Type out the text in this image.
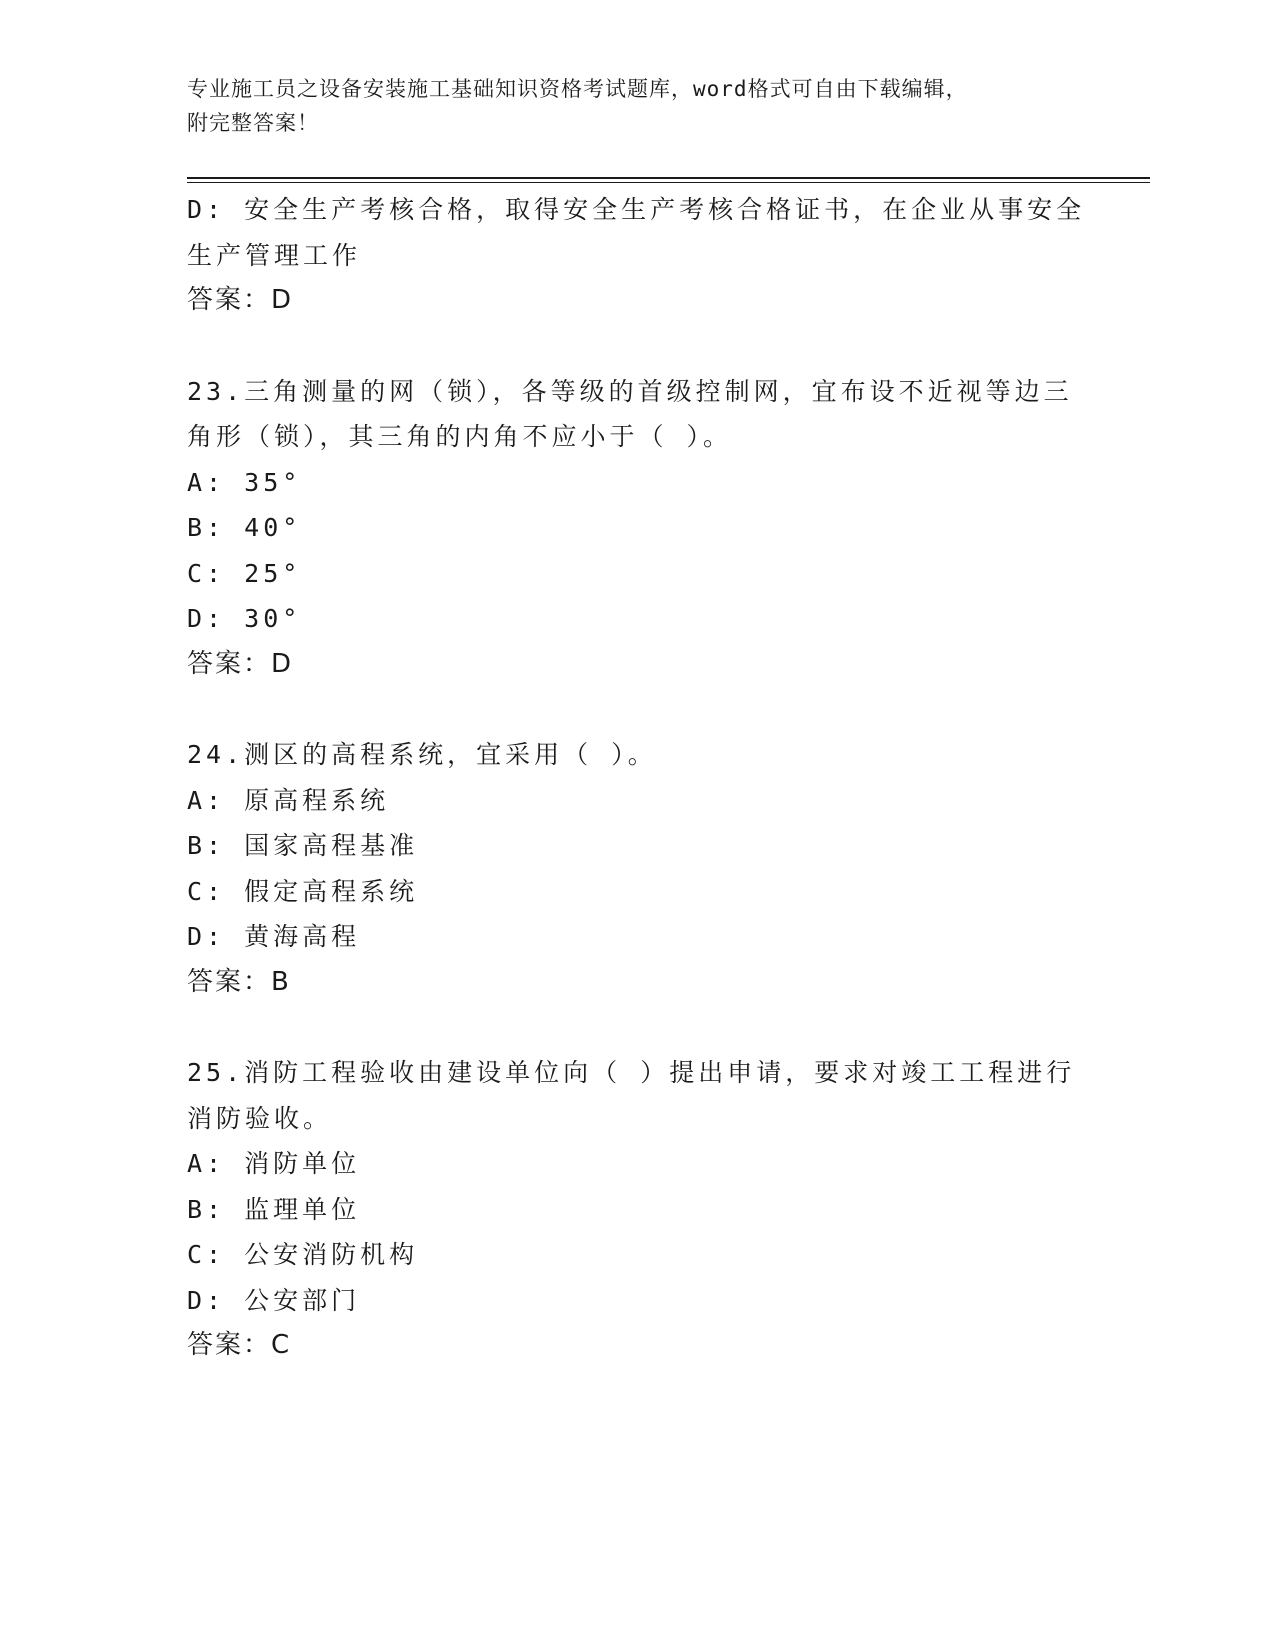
专业施工员之设备安装施工基础知识资格考试题库，word格式可自由下载编辑，
附完整答案！
D: 安全生产考核合格，取得安全生产考核合格证书，在企业从事安全
生产管理工作
答案：D
23.三角测量的网（锁），各等级的首级控制网，宜布设不近视等边三
角形（锁），其三角的内角不应小于（ ）。
A: 35°
B: 40°
C: 25°
D: 30°
答案：D
24.测区的高程系统，宜采用（ ）。
A: 原高程系统
B: 国家高程基准
C: 假定高程系统
D: 黄海高程
答案：B
25.消防工程验收由建设单位向（ ）提出申请，要求对竣工工程进行
消防验收。
A: 消防单位
B: 监理单位
C: 公安消防机构
D: 公安部门
答案：C
